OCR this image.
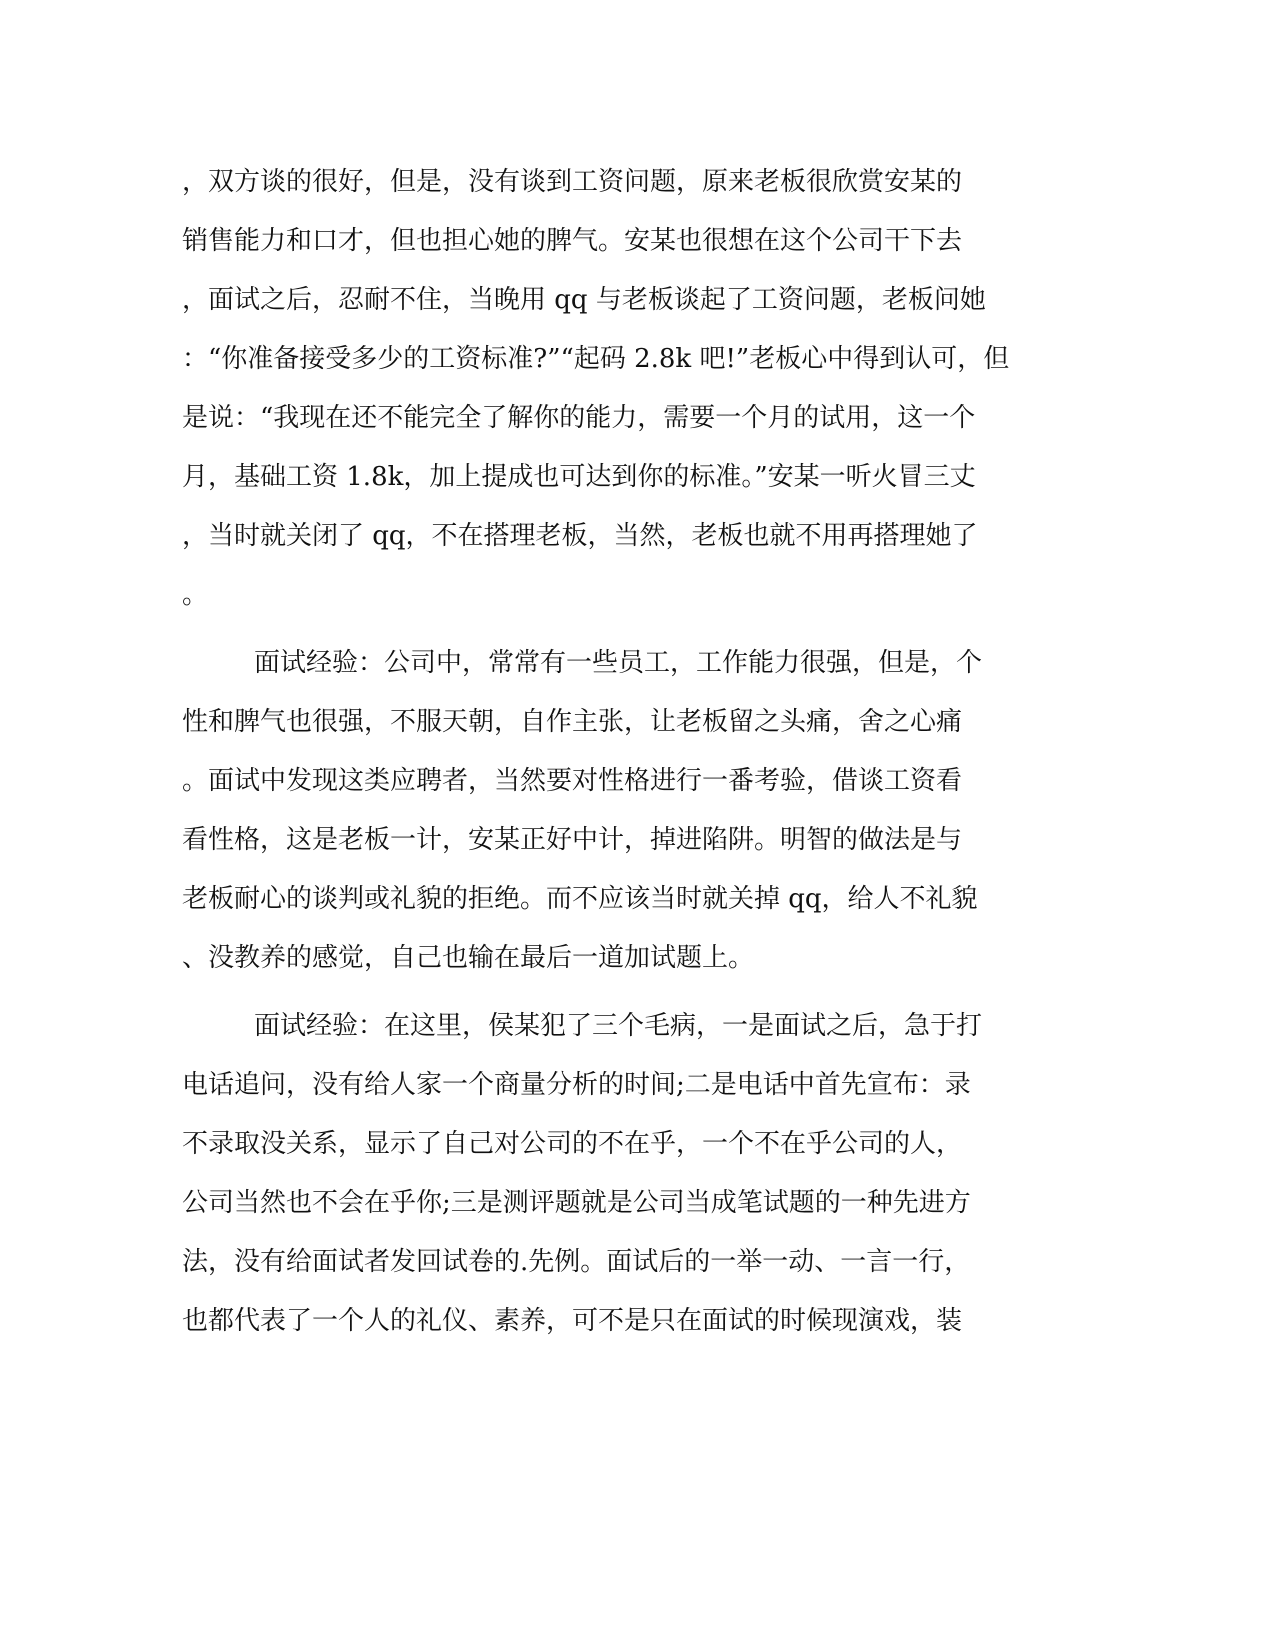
，双方谈的很好，但是，没有谈到工资问题，原来老板很欣赏安某的
销售能力和口才，但也担心她的脾气。安某也很想在这个公司干下去
，面试之后，忍耐不住，当晚用 qq 与老板谈起了工资问题，老板问她
：“你准备接受多少的工资标准?”“起码 2.8k 吧!”老板心中得到认可，但
是说：“我现在还不能完全了解你的能力，需要一个月的试用，这一个
月，基础工资 1.8k，加上提成也可达到你的标准。”安某一听火冒三丈
，当时就关闭了 qq，不在搭理老板，当然，老板也就不用再搭理她了
。
面试经验：公司中，常常有一些员工，工作能力很强，但是，个
性和脾气也很强，不服天朝，自作主张，让老板留之头痛，舍之心痛
。面试中发现这类应聘者，当然要对性格进行一番考验，借谈工资看
看性格，这是老板一计，安某正好中计，掉进陷阱。明智的做法是与
老板耐心的谈判或礼貌的拒绝。而不应该当时就关掉 qq，给人不礼貌
、没教养的感觉，自己也输在最后一道加试题上。
面试经验：在这里，侯某犯了三个毛病，一是面试之后，急于打
电话追问，没有给人家一个商量分析的时间;二是电话中首先宣布：录
不录取没关系，显示了自己对公司的不在乎，一个不在乎公司的人，
公司当然也不会在乎你;三是测评题就是公司当成笔试题的一种先进方
法，没有给面试者发回试卷的.先例。面试后的一举一动、一言一行，
也都代表了一个人的礼仪、素养，可不是只在面试的时候现演戏，装
